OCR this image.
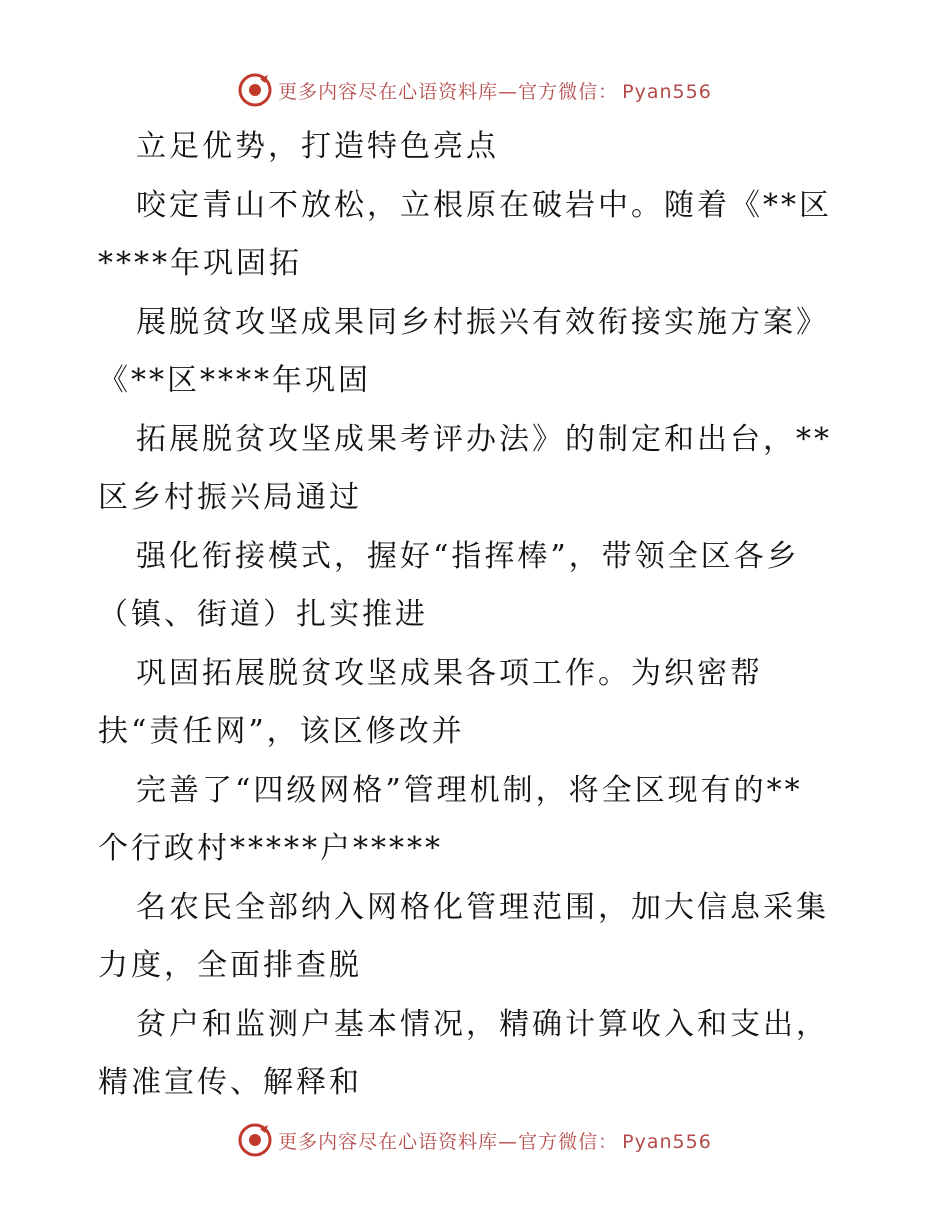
更多内容尽在心语资料库—官方微信： Pyan556
立足优势，打造特色亮点
咬定青山不放松，立根原在破岩中。随着《**区
****年巩固拓
展脱贫攻坚成果同乡村振兴有效衔接实施方案》
《**区****年巩固
拓展脱贫攻坚成果考评办法》的制定和出台，**
区乡村振兴局通过
强化衔接模式，握好“指挥棒”，带领全区各乡
（镇、街道）扎实推进
巩固拓展脱贫攻坚成果各项工作。为织密帮
扶“责任网”，该区修改并
完善了“四级网格”管理机制，将全区现有的**
个行政村*****户*****
名农民全部纳入网格化管理范围，加大信息采集
力度，全面排查脱
贫户和监测户基本情况，精确计算收入和支出，
精准宣传、解释和
更多内容尽在心语资料库—官方微信： Pyan556
